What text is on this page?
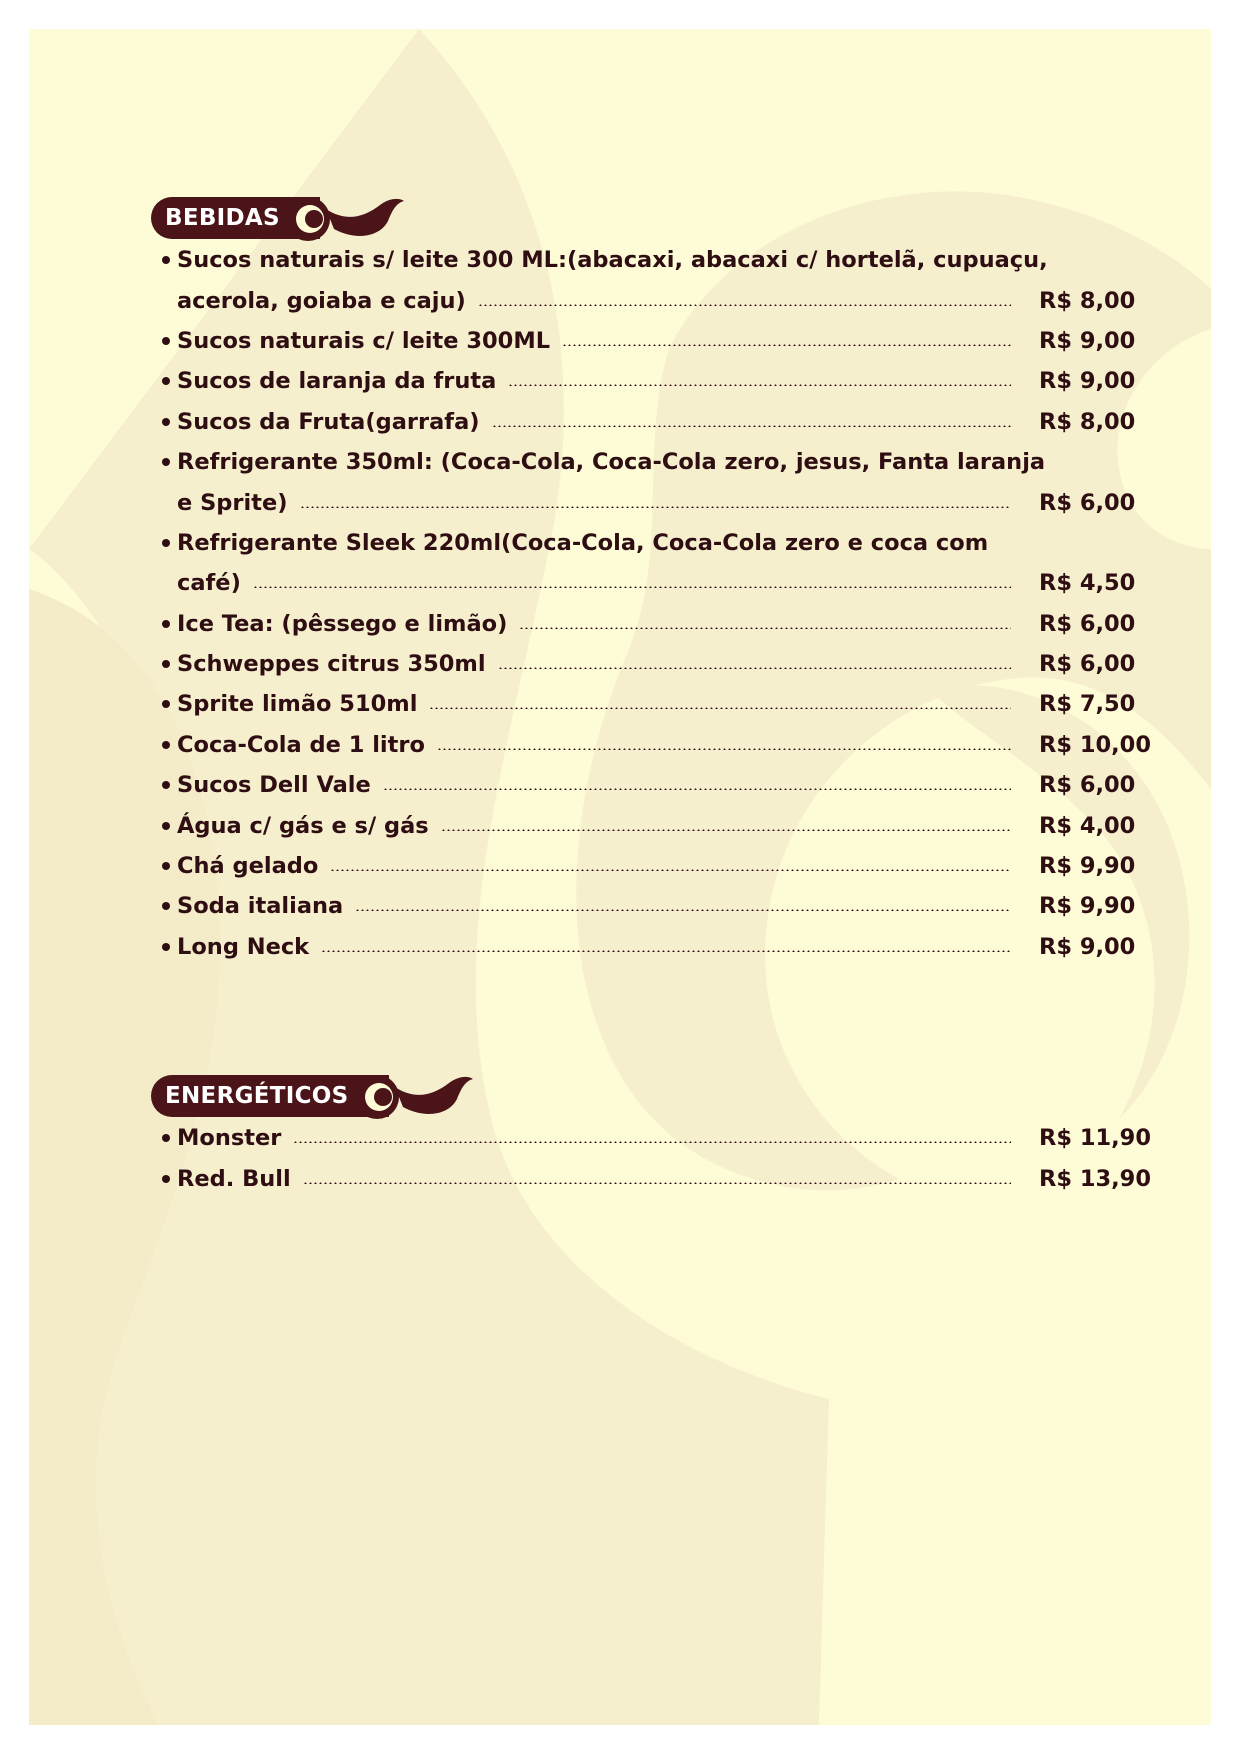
BEBIDAS
Sucos naturais s/ leite 300 ML:(abacaxi, abacaxi c/ hortelã, cupuaçu,
acerola, goiaba e caju)	R$ 8,00
Sucos naturais c/ leite 300ML	R$ 9,00
Sucos de laranja da fruta	R$ 9,00
Sucos da Fruta(garrafa)	R$ 8,00
Refrigerante 350ml: (Coca-Cola, Coca-Cola zero, jesus, Fanta laranja
e Sprite)	R$ 6,00
Refrigerante Sleek 220ml(Coca-Cola, Coca-Cola zero e coca com
café)	R$ 4,50
Ice Tea: (pêssego e limão)	R$ 6,00
Schweppes citrus 350ml	R$ 6,00
Sprite limão 510ml	R$ 7,50
Coca-Cola de 1 litro	R$ 10,00
Sucos Dell Vale	R$ 6,00
Água c/ gás e s/ gás	R$ 4,00
Chá gelado	R$ 9,90
Soda italiana	R$ 9,90
Long Neck	R$ 9,00
ENERGÉTICOS
Monster	R$ 11,90
Red. Bull	R$ 13,90
